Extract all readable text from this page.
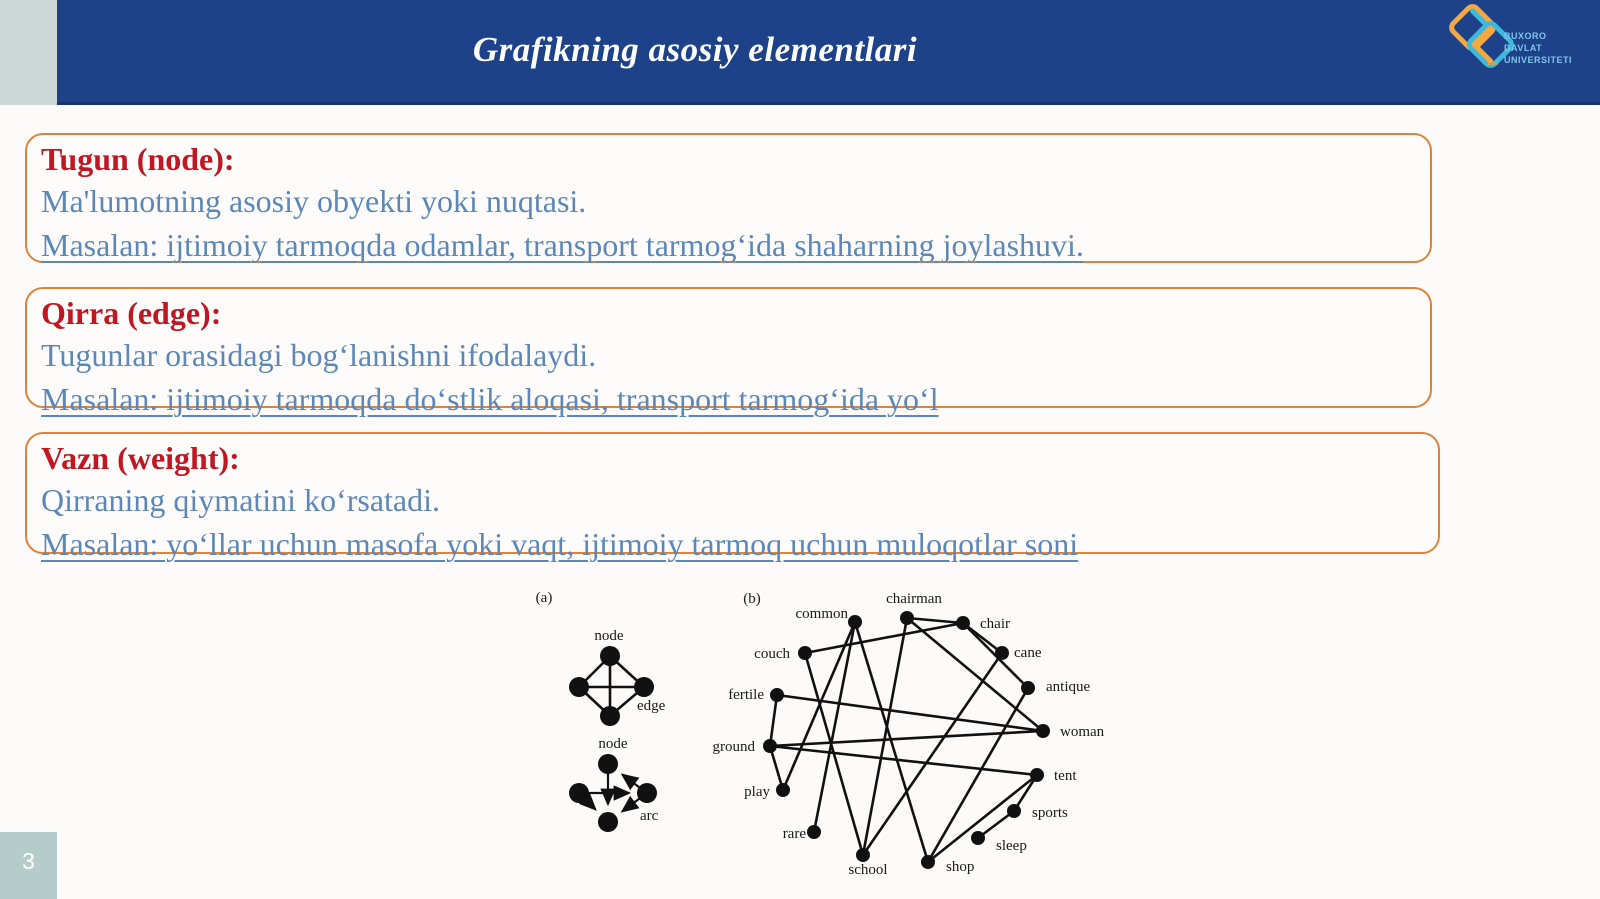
Grafikning asosiy elementlari	BUXORO
DAVLAT
UNIVERSITETI
1930
Tugun (node):
Ma'lumotning asosiy obyekti yoki nuqtasi.
Masalan: ijtimoiy tarmoqda odamlar, transport tarmog‘ida shaharning joylashuvi.
Qirra (edge):
Tugunlar orasidagi bog‘lanishni ifodalaydi.
Masalan: ijtimoiy tarmoqda do‘stlik aloqasi, transport tarmog‘ida yo‘l
Vazn (weight):
Qirraning qiymatini ko‘rsatadi.
Masalan: yo‘llar uchun masofa yoki vaqt, ijtimoiy tarmoq uchun muloqotlar soni
(a)	(b)
node
edge
node
arc
common
chairman
chair
couch	cane
fertile	antique
ground
woman
play
tent
rare
sports
sleep
school	shop
3
